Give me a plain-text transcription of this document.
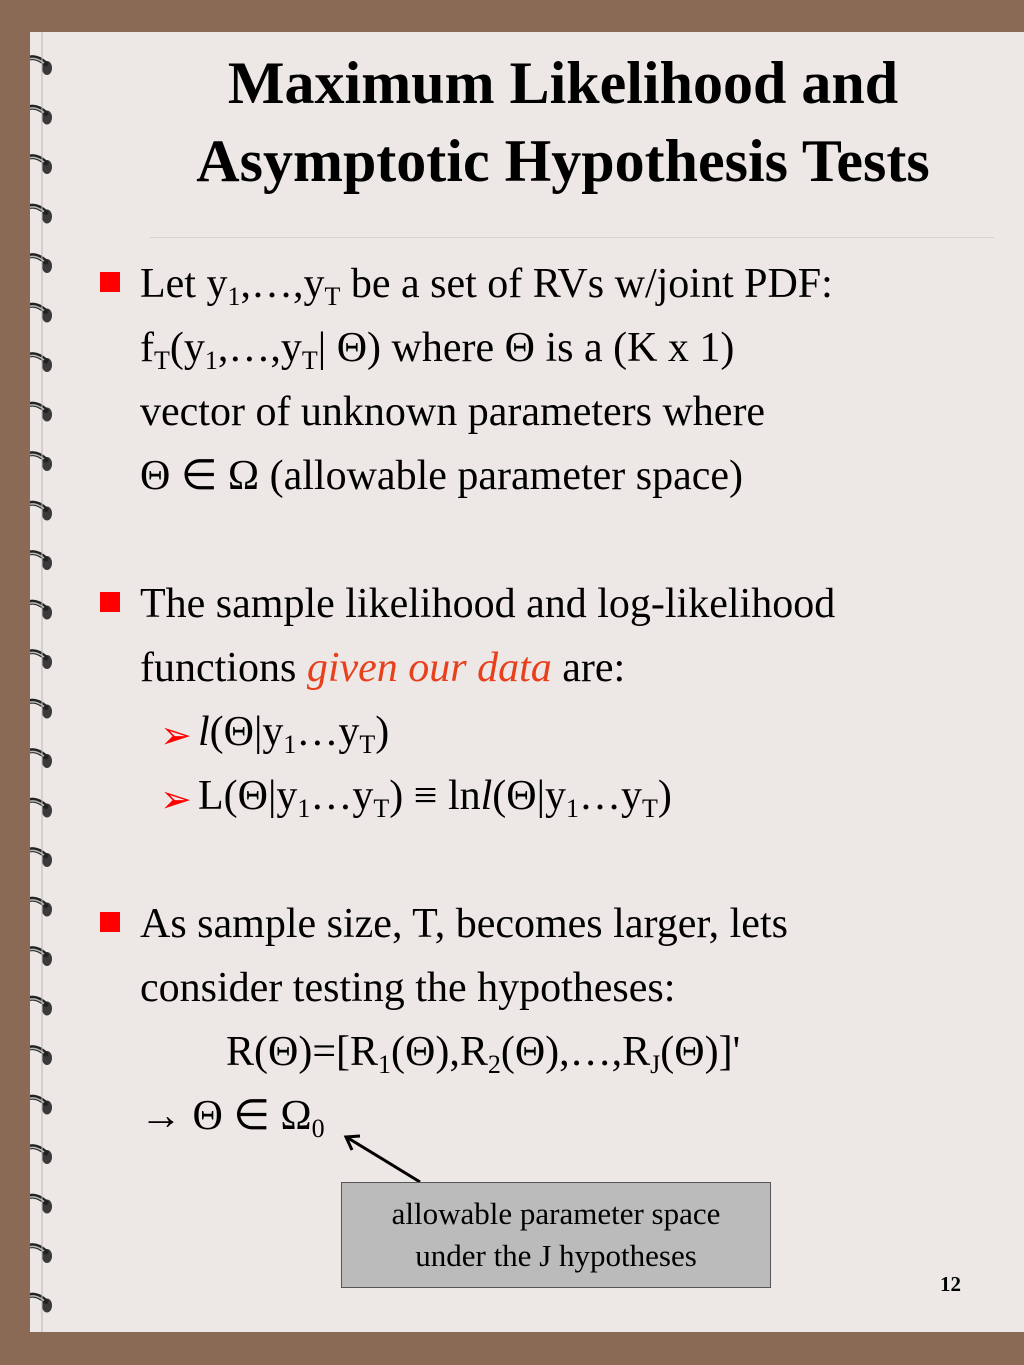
Maximum Likelihood and
Asymptotic Hypothesis Tests
Let $y_1,\dots,y_T$ be a set of RVs w/joint PDF:
$f_T(y_1,\dots,y_T|$ Θ) where Θ is a (K x 1)
vector of unknown parameters where
Θ ∈ Ω (allowable parameter space)
The sample likelihood and log-likelihood
functions given our data are:
➢ $l(\Theta|y_1\dots y_T)$
➢ $L(\Theta|y_1\dots y_T)$ ≡ $\ln l(\Theta|y_1\dots y_T)$
As sample size, T, becomes larger, lets
consider testing the hypotheses:
$R(\Theta)=[R_1(\Theta),R_2(\Theta),\dots,R_J(\Theta)]'$
→ Θ ∈ $\Omega_0$
allowable parameter space
under the J hypotheses
12
